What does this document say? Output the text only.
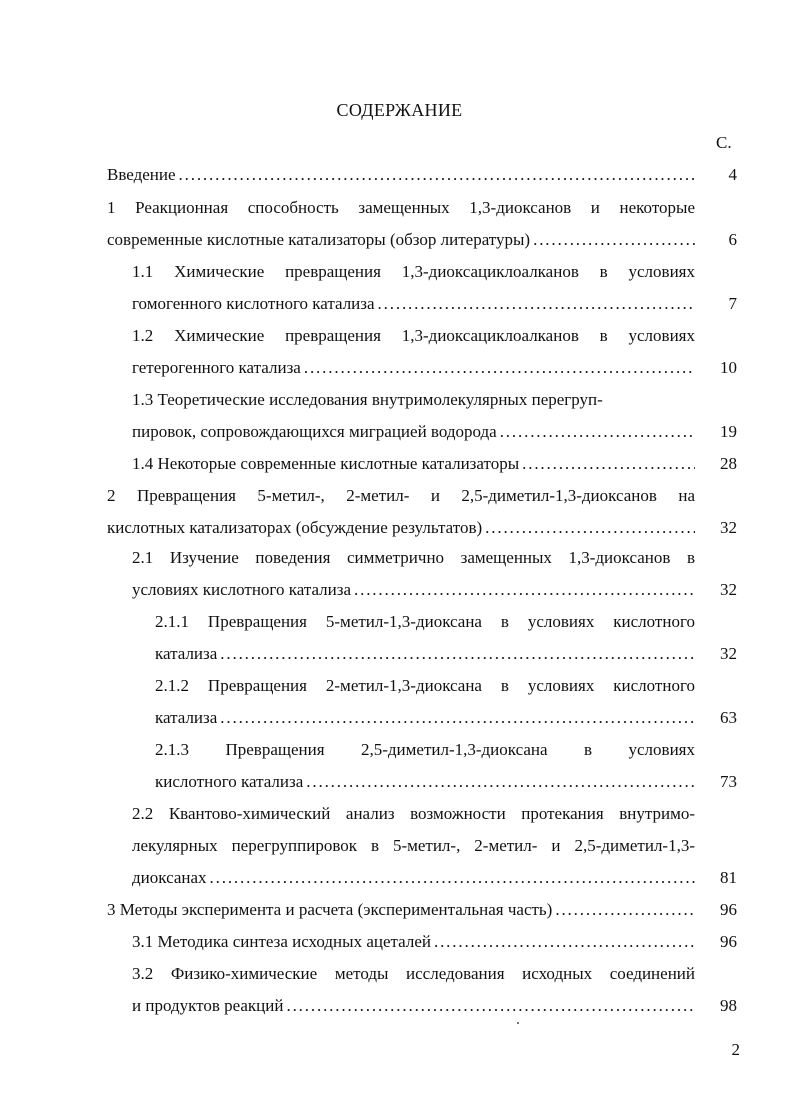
СОДЕРЖАНИЕ
С.
Введение . . .	4
1 Реакционная способность замещенных 1,3-диоксанов и некоторые
современные кислотные катализаторы (обзор литературы) . . .	6
1.1 Химические превращения 1,3-диоксациклоалканов в условиях
гомогенного кислотного катализа . . .	7
1.2 Химические превращения 1,3-диоксациклоалканов в условиях
гетерогенного катализа . . .	10
1.3 Теоретические исследования внутримолекулярных перегруп-
пировок, сопровождающихся миграцией водорода . . .	19
1.4 Некоторые современные кислотные катализаторы . . .	28
2 Превращения 5-метил-, 2-метил- и 2,5-диметил-1,3-диоксанов на
кислотных катализаторах (обсуждение результатов) . . .	32
2.1 Изучение поведения симметрично замещенных 1,3-диоксанов в
условиях кислотного катализа . . .	32
2.1.1 Превращения 5-метил-1,3-диоксана в условиях кислотного
катализа . . .	32
2.1.2 Превращения 2-метил-1,3-диоксана в условиях кислотного
катализа . . .	63
2.1.3 Превращения 2,5-диметил-1,3-диоксана в условиях
кислотного катализа . . .	73
2.2 Квантово-химический анализ возможности протекания внутримо-
лекулярных перегруппировок в 5-метил-, 2-метил- и 2,5-диметил-1,3-
диоксанах . . .	81
3 Методы эксперимента и расчета (экспериментальная часть) . . .	96
3.1 Методика синтеза исходных ацеталей . . .	96
3.2 Физико-химические методы исследования исходных соединений
и продуктов реакций . . .	98
2
